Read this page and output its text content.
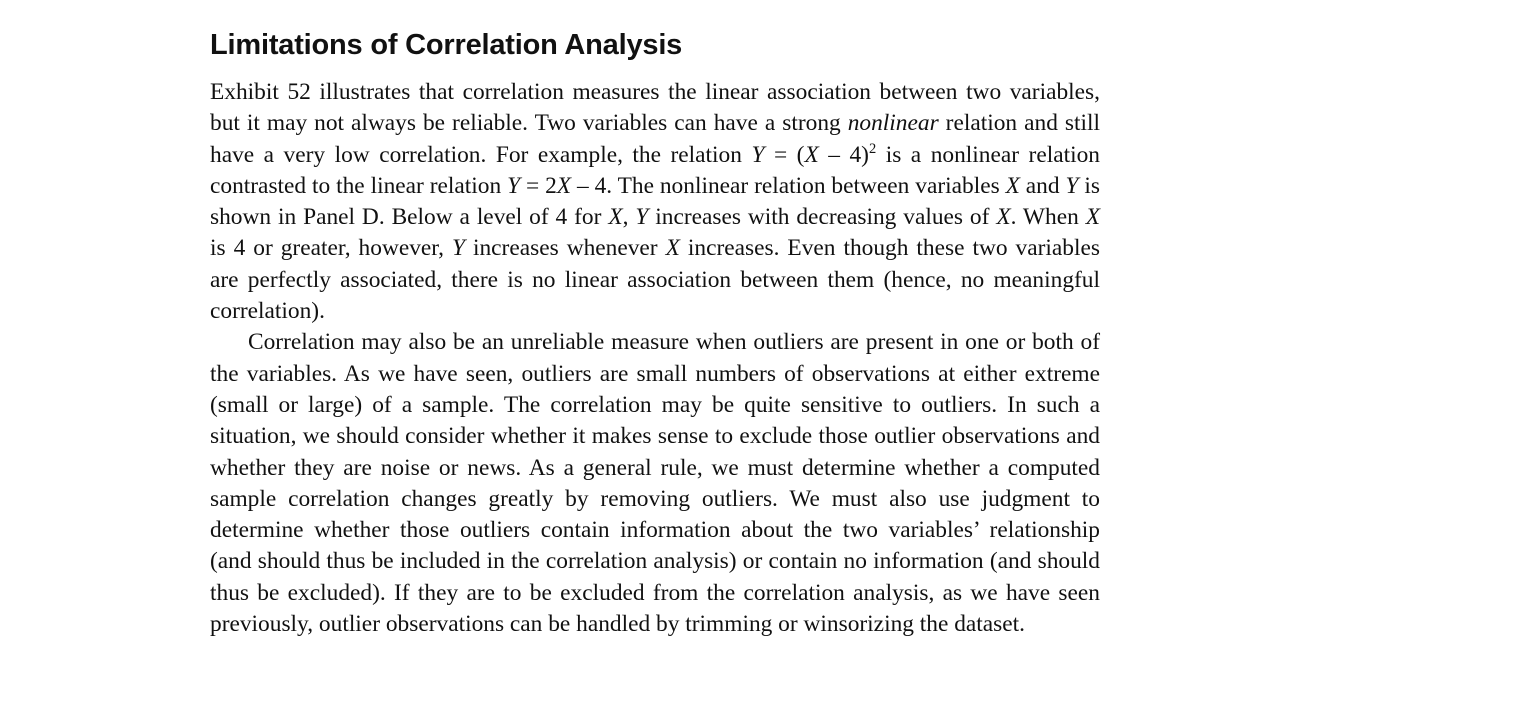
Limitations of Correlation Analysis

Exhibit 52 illustrates that correlation measures the linear association between two variables, but it may not always be reliable. Two variables can have a strong nonlinear relation and still have a very low correlation. For example, the relation Y = (X – 4)$^2$ is a nonlinear relation contrasted to the linear relation Y = 2X – 4. The nonlinear relation between variables X and Y is shown in Panel D. Below a level of 4 for X, Y increases with decreasing values of X. When X is 4 or greater, however, Y increases whenever X increases. Even though these two variables are perfectly associated, there is no linear association between them (hence, no meaningful correlation).

Correlation may also be an unreliable measure when outliers are present in one or both of the variables. As we have seen, outliers are small numbers of observations at either extreme (small or large) of a sample. The correlation may be quite sensitive to outliers. In such a situation, we should consider whether it makes sense to exclude those outlier observations and whether they are noise or news. As a general rule, we must determine whether a computed sample correlation changes greatly by removing outliers. We must also use judgment to determine whether those outliers contain information about the two variables’ relationship (and should thus be included in the correlation analysis) or contain no information (and should thus be excluded). If they are to be excluded from the correlation analysis, as we have seen previously, outlier observations can be handled by trimming or winsorizing the dataset.
